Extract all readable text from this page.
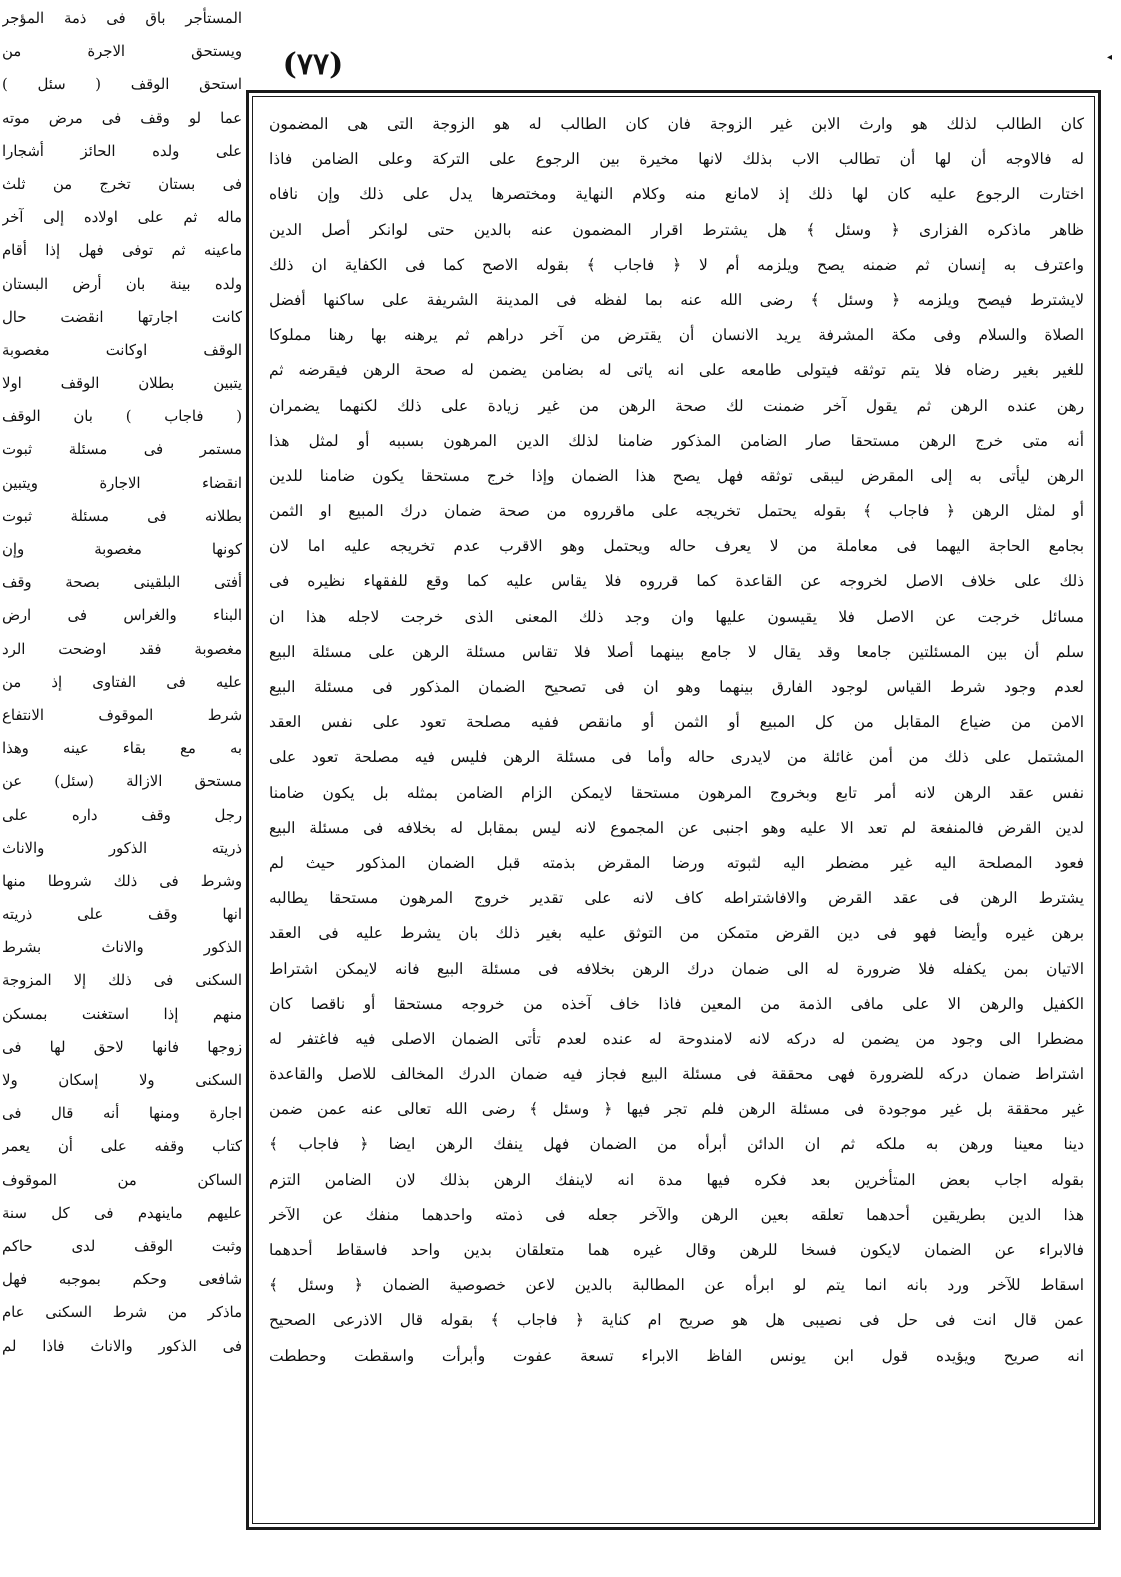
(٧٧)	◂
المستأجر باق فى ذمة المؤجر
ويستحق الاجرة من
استحق الوقف ( سئل )
عما لو وقف فى مرض موته
على ولده الحائز أشجارا
فى بستان تخرج من ثلث
ماله ثم على اولاده إلى آخر
ماعينه ثم توفى فهل إذا أقام
ولده بينة بان أرض البستان
كانت اجارتها انقضت حال
الوقف اوكانت مغصوبة
يتبين بطلان الوقف اولا
( فاجاب ) بان الوقف
مستمر فى مسئلة ثبوت
انقضاء الاجارة ويتبين
بطلانه فى مسئلة ثبوت
كونها مغصوبة وإن
أفتى البلقينى بصحة وقف
البناء والغراس فى ارض
مغصوبة فقد اوضحت الرد
عليه فى الفتاوى إذ من
شرط الموقوف الانتفاع
به مع بقاء عينه وهذا
مستحق الازالة (سئل) عن
رجل وقف داره على
ذريته الذكور والاناث
وشرط فى ذلك شروطا منها
انها وقف على ذريته
الذكور والاناث بشرط
السكنى فى ذلك إلا المزوجة
منهم إذا استغنت بمسكن
زوجها فانها لاحق لها فى
السكنى ولا إسكان ولا
اجارة ومنها أنه قال فى
كتاب وقفه على أن يعمر
الساكن من الموقوف
عليهم ماينهدم فى كل سنة
وثبت الوقف لدى حاكم
شافعى وحكم بموجبه فهل
ماذكر من شرط السكنى عام
فى الذكور والاناث فاذا لم
كان الطالب لذلك هو وارث الابن غير الزوجة فان كان الطالب له هو الزوجة التى هى المضمون
له فالاوجه أن لها أن تطالب الاب بذلك لانها مخيرة بين الرجوع على التركة وعلى الضامن فاذا
اختارت الرجوع عليه كان لها ذلك إذ لامانع منه وكلام النهاية ومختصرها يدل على ذلك وإن نافاه
ظاهر ماذكره الفزارى ﴿ وسئل ﴾ هل يشترط اقرار المضمون عنه بالدين حتى لوانكر أصل الدين
واعترف به إنسان ثم ضمنه يصح ويلزمه أم لا ﴿ فاجاب ﴾ بقوله الاصح كما فى الكفاية ان ذلك
لايشترط فيصح ويلزمه ﴿ وسئل ﴾ رضى الله عنه بما لفظه فى المدينة الشريفة على ساكنها أفضل
الصلاة والسلام وفى مكة المشرفة يريد الانسان أن يقترض من آخر دراهم ثم يرهنه بها رهنا مملوكا
للغير بغير رضاه فلا يتم توثقه فيتولى طامعه على انه ياتى له بضامن يضمن له صحة الرهن فيقرضه ثم
رهن عنده الرهن ثم يقول آخر ضمنت لك صحة الرهن من غير زيادة على ذلك لكنهما يضمران
أنه متى خرج الرهن مستحقا صار الضامن المذكور ضامنا لذلك الدين المرهون بسببه أو لمثل هذا
الرهن ليأتى به إلى المقرض ليبقى توثقه فهل يصح هذا الضمان وإذا خرج مستحقا يكون ضامنا للدين
أو لمثل الرهن ﴿ فاجاب ﴾ بقوله يحتمل تخريجه على ماقرروه من صحة ضمان درك المبيع او الثمن
بجامع الحاجة اليهما فى معاملة من لا يعرف حاله ويحتمل وهو الاقرب عدم تخريجه عليه اما لان
ذلك على خلاف الاصل لخروجه عن القاعدة كما قرروه فلا يقاس عليه كما وقع للفقهاء نظيره فى
مسائل خرجت عن الاصل فلا يقيسون عليها وان وجد ذلك المعنى الذى خرجت لاجله هذا ان
سلم أن بين المسئلتين جامعا وقد يقال لا جامع بينهما أصلا فلا تقاس مسئلة الرهن على مسئلة البيع
لعدم وجود شرط القياس لوجود الفارق بينهما وهو ان فى تصحيح الضمان المذكور فى مسئلة البيع
الامن من ضياع المقابل من كل المبيع أو الثمن أو مانقص ففيه مصلحة تعود على نفس العقد
المشتمل على ذلك من أمن غائلة من لايدرى حاله وأما فى مسئلة الرهن فليس فيه مصلحة تعود على
نفس عقد الرهن لانه أمر تابع وبخروج المرهون مستحقا لايمكن الزام الضامن بمثله بل يكون ضامنا
لدين القرض فالمنفعة لم تعد الا عليه وهو اجنبى عن المجموع لانه ليس بمقابل له بخلافه فى مسئلة البيع
فعود المصلحة اليه غير مضطر اليه لثبوته ورضا المقرض بذمته قبل الضمان المذكور حيث لم
يشترط الرهن فى عقد القرض والافاشتراطه كاف لانه على تقدير خروج المرهون مستحقا يطالبه
برهن غيره وأيضا فهو فى دين القرض متمكن من التوثق عليه بغير ذلك بان يشرط عليه فى العقد
الاتيان بمن يكفله فلا ضرورة له الى ضمان درك الرهن بخلافه فى مسئلة البيع فانه لايمكن اشتراط
الكفيل والرهن الا على مافى الذمة من المعين فاذا خاف آخذه من خروجه مستحقا أو ناقصا كان
مضطرا الى وجود من يضمن له دركه لانه لامندوحة له عنده لعدم تأتى الضمان الاصلى فيه فاغتفر له
اشتراط ضمان دركه للضرورة فهى محققة فى مسئلة البيع فجاز فيه ضمان الدرك المخالف للاصل والقاعدة
غير محققة بل غير موجودة فى مسئلة الرهن فلم تجر فيها ﴿ وسئل ﴾ رضى الله تعالى عنه عمن ضمن
دينا معينا ورهن به ملكه ثم ان الدائن أبرأه من الضمان فهل ينفك الرهن ايضا ﴿ فاجاب ﴾
بقوله اجاب بعض المتأخرين بعد فكره فيها مدة انه لاينفك الرهن بذلك لان الضامن التزم
هذا الدين بطريقين أحدهما تعلقه بعين الرهن والآخر جعله فى ذمته واحدهما منفك عن الآخر
فالابراء عن الضمان لايكون فسخا للرهن وقال غيره هما متعلقان بدين واحد فاسقاط أحدهما
اسقاط للآخر ورد بانه انما يتم لو ابرأه عن المطالبة بالدين لاعن خصوصية الضمان ﴿ وسئل ﴾
عمن قال انت فى حل فى نصيبى هل هو صريح ام كناية ﴿ فاجاب ﴾ بقوله قال الاذرعى الصحيح
انه صريح ويؤيده قول ابن يونس الفاظ الابراء تسعة عفوت وأبرأت واسقطت وحططت
